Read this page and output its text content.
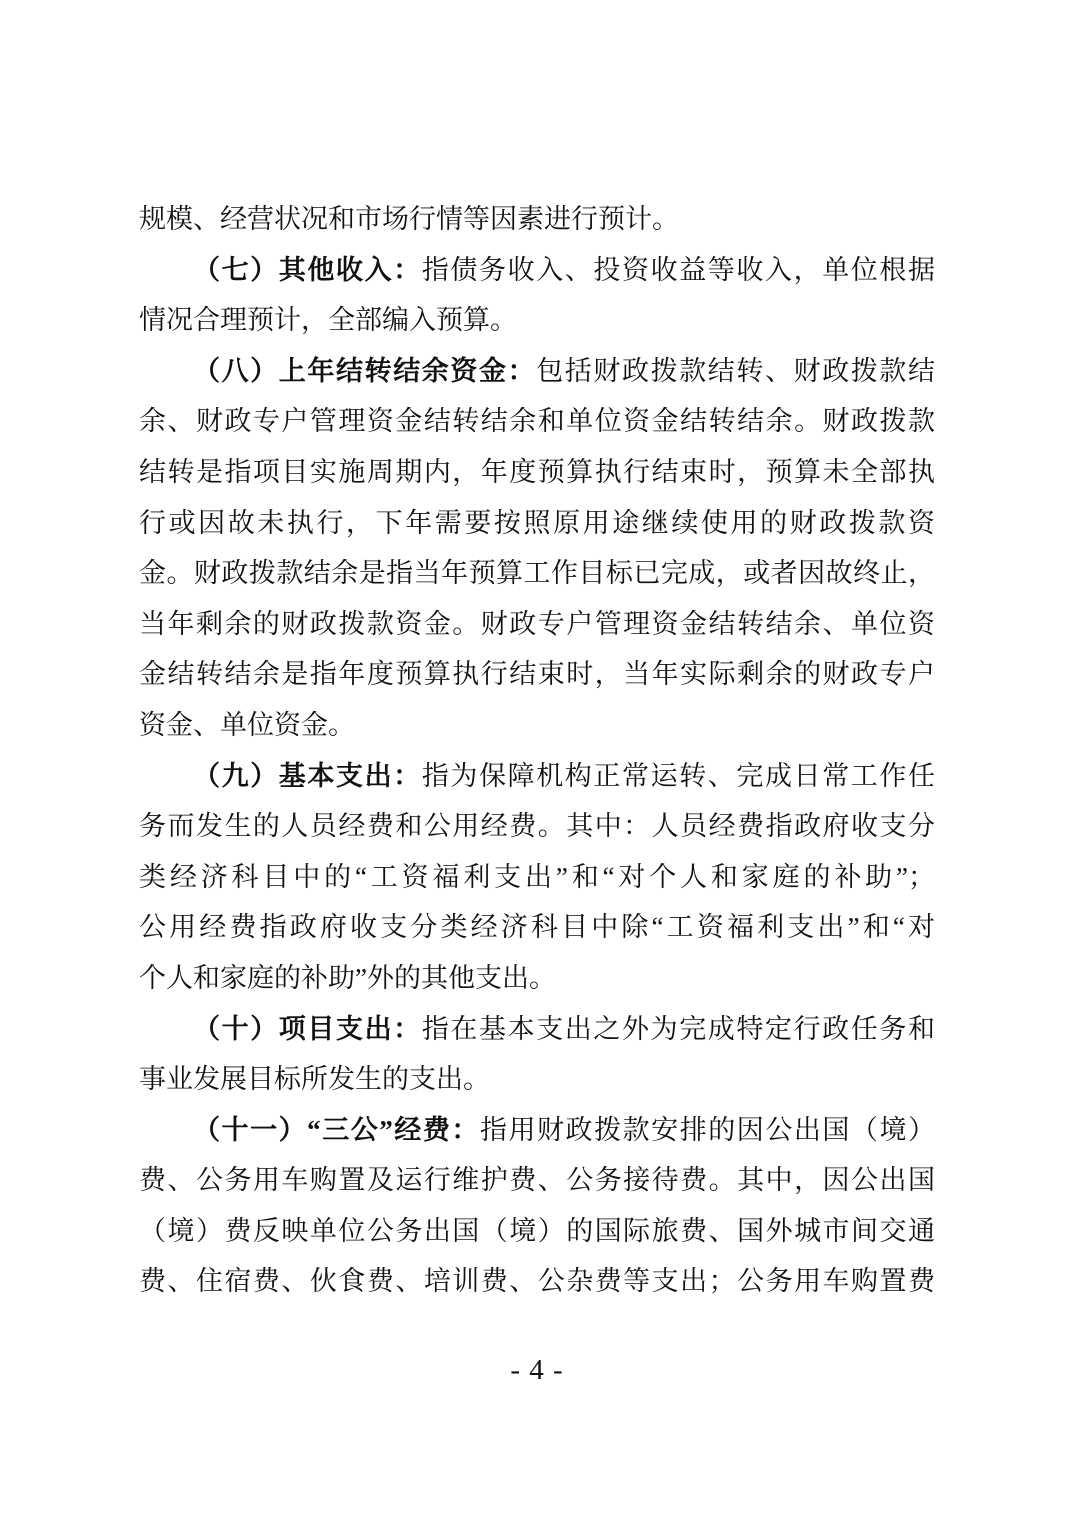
规模、经营状况和市场行情等因素进行预计。
（七）其他收入：指债务收入、投资收益等收入，单位根据
情况合理预计，全部编入预算。
（八）上年结转结余资金：包括财政拨款结转、财政拨款结
余、财政专户管理资金结转结余和单位资金结转结余。财政拨款
结转是指项目实施周期内，年度预算执行结束时，预算未全部执
行或因故未执行，下年需要按照原用途继续使用的财政拨款资
金。财政拨款结余是指当年预算工作目标已完成，或者因故终止，
当年剩余的财政拨款资金。财政专户管理资金结转结余、单位资
金结转结余是指年度预算执行结束时，当年实际剩余的财政专户
资金、单位资金。
（九）基本支出：指为保障机构正常运转、完成日常工作任
务而发生的人员经费和公用经费。其中：人员经费指政府收支分
类经济科目中的“工资福利支出”和“对个人和家庭的补助”；
公用经费指政府收支分类经济科目中除“工资福利支出”和“对
个人和家庭的补助”外的其他支出。
（十）项目支出：指在基本支出之外为完成特定行政任务和
事业发展目标所发生的支出。
（十一）“三公”经费：指用财政拨款安排的因公出国（境）
费、公务用车购置及运行维护费、公务接待费。其中，因公出国
（境）费反映单位公务出国（境）的国际旅费、国外城市间交通
费、住宿费、伙食费、培训费、公杂费等支出；公务用车购置费
- 4 -
